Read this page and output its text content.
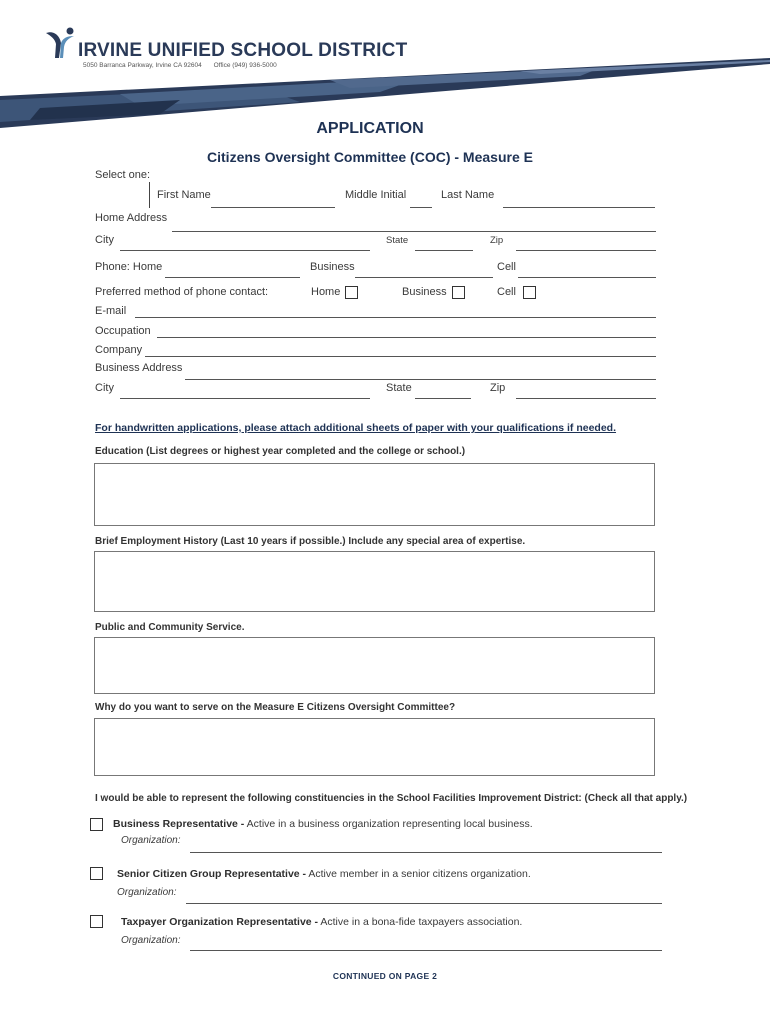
IRVINE UNIFIED SCHOOL DISTRICT
5050 Barranca Parkway, Irvine CA 92604 Office (949) 936-5000
APPLICATION
Citizens Oversight Committee (COC) - Measure E
Select one:
First Name	Middle Initial	Last Name
Home Address
City	State	Zip
Phone: Home	Business	Cell
Preferred method of phone contact:	Home	Business	Cell
E-mail
Occupation
Company
Business Address
City	State	Zip
For handwritten applications, please attach additional sheets of paper with your qualifications if needed.
Education (List degrees or highest year completed and the college or school.)
Brief Employment History (Last 10 years if possible.) Include any special area of expertise.
Public and Community Service.
Why do you want to serve on the Measure E Citizens Oversight Committee?
I would be able to represent the following constituencies in the School Facilities Improvement District: (Check all that apply.)
Business Representative - Active in a business organization representing local business.
Organization:
Senior Citizen Group Representative - Active member in a senior citizens organization.
Organization:
Taxpayer Organization Representative - Active in a bona-fide taxpayers association.
Organization:
CONTINUED ON PAGE 2
